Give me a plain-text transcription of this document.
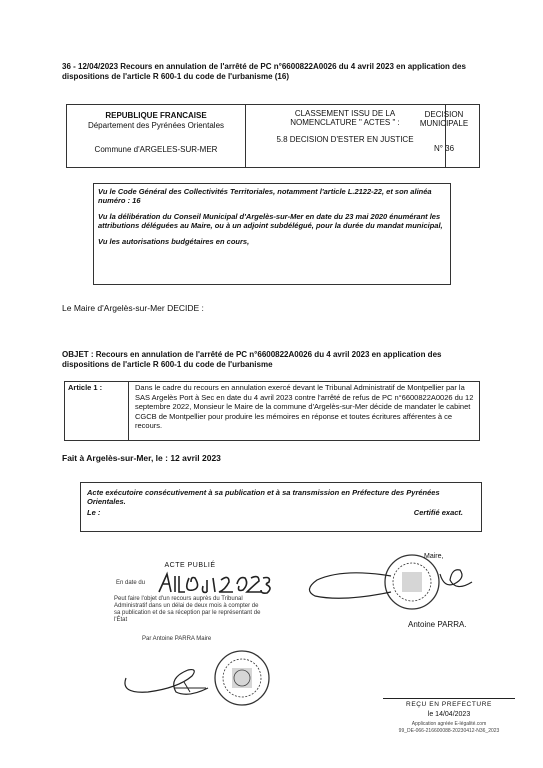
36 - 12/04/2023 Recours en annulation de l'arrêté de PC n°6600822A0026 du 4 avril 2023 en application des dispositions de l'article R 600-1 du code de l'urbanisme (16)
REPUBLIQUE FRANCAISE
Département des Pyrénées Orientales
Commune d'ARGELES-SUR-MER
CLASSEMENT ISSU DE LA NOMENCLATURE " ACTES " :
5.8 DECISION D'ESTER EN JUSTICE
DECISION MUNICIPALE
N° 36

Vu le Code Général des Collectivités Territoriales, notamment l'article L.2122-22, et son alinéa numéro : 16

Vu la délibération du Conseil Municipal d'Argelès-sur-Mer en date du 23 mai 2020 énumérant les attributions déléguées au Maire, ou à un adjoint subdélégué, pour la durée du mandat municipal,

Vu les autorisations budgétaires en cours,

Le Maire d'Argelès-sur-Mer DECIDE :
OBJET : Recours en annulation de l'arrêté de PC n°6600822A0026 du 4 avril 2023 en application des dispositions de l'article R 600-1 du code de l'urbanisme
Article 1 :	Dans le cadre du recours en annulation exercé devant le Tribunal Administratif de Montpellier par la SAS Argelès Port à Sec en date du 4 avril 2023 contre l'arrêté de refus de PC n°6600822A0026 du 12 septembre 2022, Monsieur le Maire de la commune d'Argelès-sur-Mer décide de mandater le cabinet CGCB de Montpellier pour produire les mémoires en réponse et toutes écritures afférentes à ce recours.
Fait à Argelès-sur-Mer, le : 12 avril 2023
Acte exécutoire consécutivement à sa publication et à sa transmission en Préfecture des Pyrénées Orientales.
Le :	Certifié exact.
ACTE PUBLIÉ
En date du
Peut faire l'objet d'un recours auprès du Tribunal Administratif dans un délai de deux mois à compter de sa publication et de sa réception par le représentant de l'État
Par Antoine PARRA Maire
Maire,
Antoine PARRA.
REÇU EN PREFECTURE
le 14/04/2023
Application agréée E-légalité.com
99_DE-066-216600088-20230412-N36_2023
